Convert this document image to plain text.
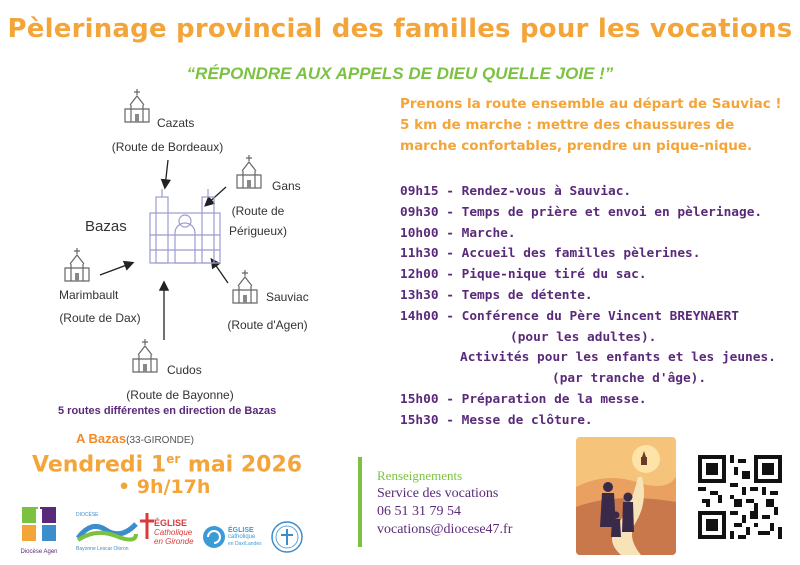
Pèlerinage provincial des familles pour les vocations
“RÉPONDRE AUX APPELS DE DIEU QUELLE JOIE !”
Cazats
(Route de Bordeaux)
Gans
(Route de Périgueux)
Bazas
Marimbault
(Route de Dax)
Sauviac
(Route d'Agen)
Cudos
(Route de Bayonne)
5 routes différentes en direction de Bazas
A Bazas(33-GIRONDE)
Vendredi 1er mai 2026
• 9h/17h
Diocèse Agen
DIOCÈSE
Bayonne Lescar Oloron
ÉGLISE
Catholique
en Gironde
ÉGLISE
catholique
en Dax/Landes
Prenons la route ensemble au départ de Sauviac !
5 km de marche : mettre des chaussures de
marche confortables, prendre un pique-nique.
09h15 - Rendez-vous à Sauviac.
09h30 - Temps de prière et envoi en pèlerinage.
10h00 - Marche.
11h30 - Accueil des familles pèlerines.
12h00 - Pique-nique tiré du sac.
13h30 - Temps de détente.
14h00 - Conférence du Père Vincent BREYNAERT
(pour les adultes).
Activités pour les enfants et les jeunes.
(par tranche d'âge).
15h00 - Préparation de la messe.
15h30 - Messe de clôture.
Renseignements
Service des vocations
06 51 31 79 54
vocations@diocese47.fr
